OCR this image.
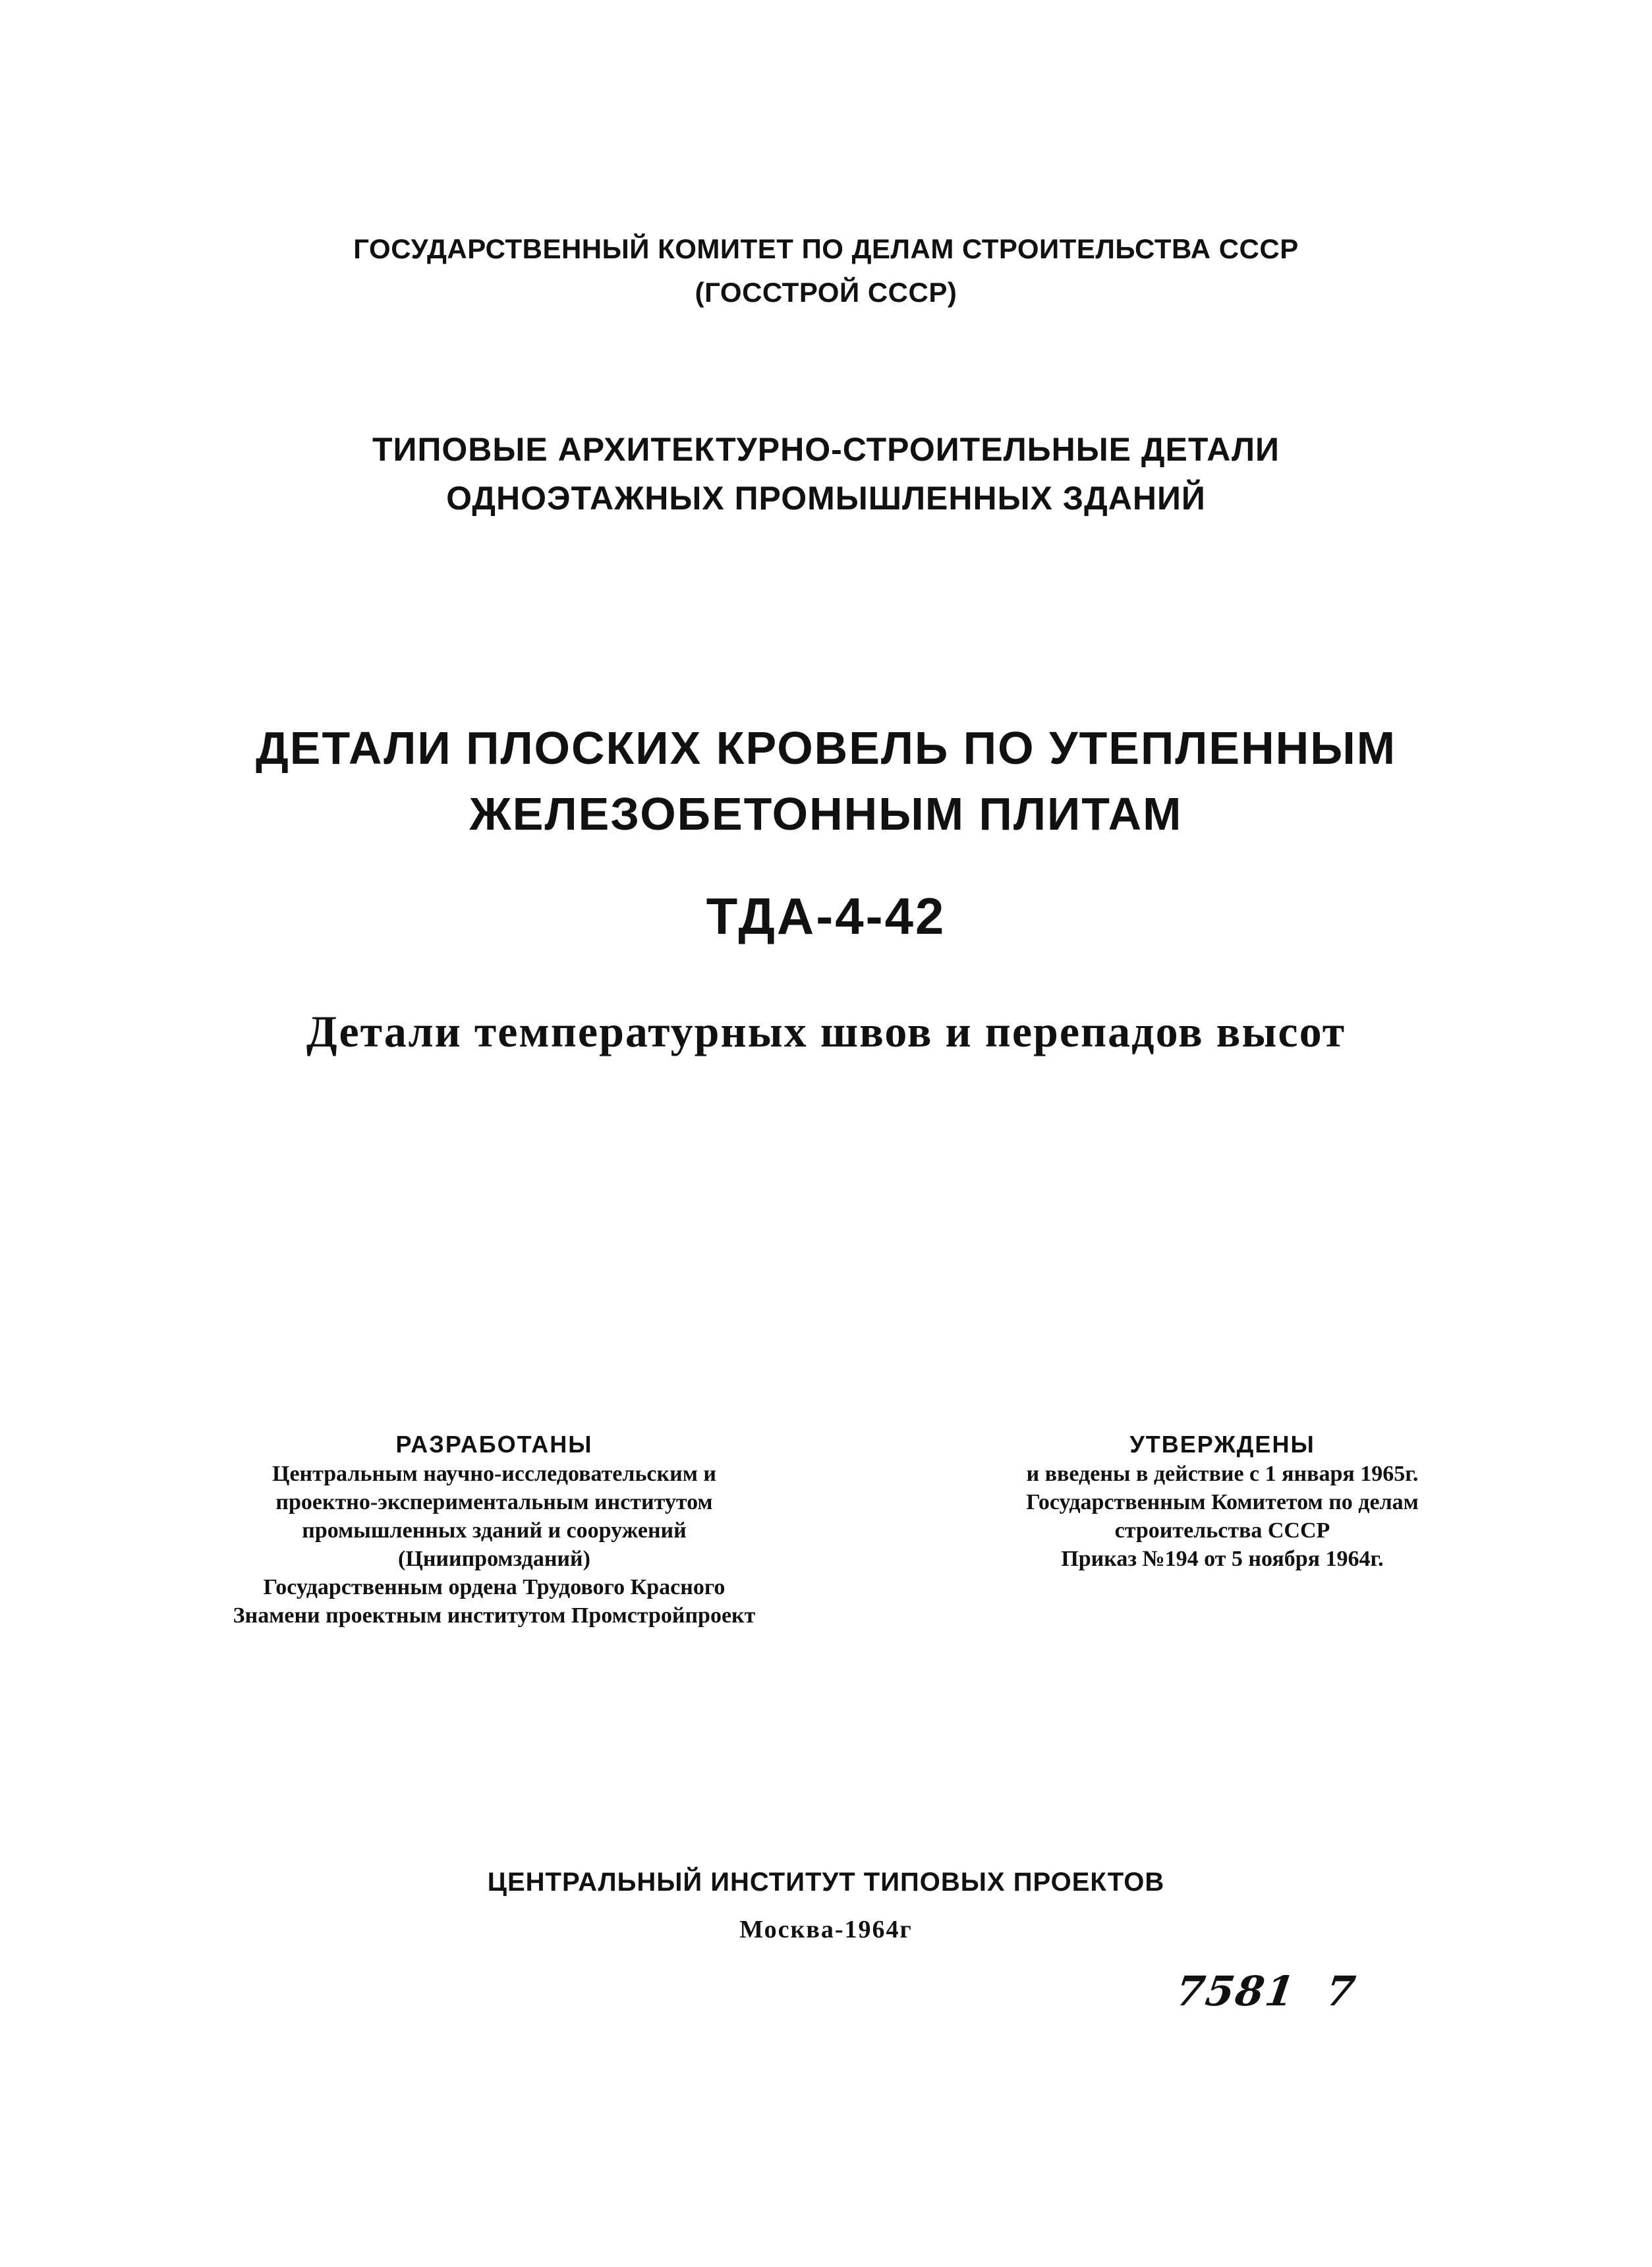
ГОСУДАРСТВЕННЫЙ КОМИТЕТ ПО ДЕЛАМ СТРОИТЕЛЬСТВА СССР
(ГОССТРОЙ СССР)
ТИПОВЫЕ АРХИТЕКТУРНО-СТРОИТЕЛЬНЫЕ ДЕТАЛИ
ОДНОЭТАЖНЫХ ПРОМЫШЛЕННЫХ ЗДАНИЙ
ДЕТАЛИ ПЛОСКИХ КРОВЕЛЬ ПО УТЕПЛЕННЫМ
ЖЕЛЕЗОБЕТОННЫМ ПЛИТАМ
ТДА-4-42
Детали температурных швов и перепадов высот
РАЗРАБОТАНЫ
Центральным научно-исследовательским и
проектно-экспериментальным институтом
промышленных зданий и сооружений
(Цниипромзданий)
Государственным ордена Трудового Красного
Знамени проектным институтом Промстройпроект
УТВЕРЖДЕНЫ
и введены в действие с 1 января 1965г.
Государственным Комитетом по делам
строительства СССР
Приказ №194 от 5 ноября 1964г.
ЦЕНТРАЛЬНЫЙ ИНСТИТУТ ТИПОВЫХ ПРОЕКТОВ
Москва-1964г
7581  7
